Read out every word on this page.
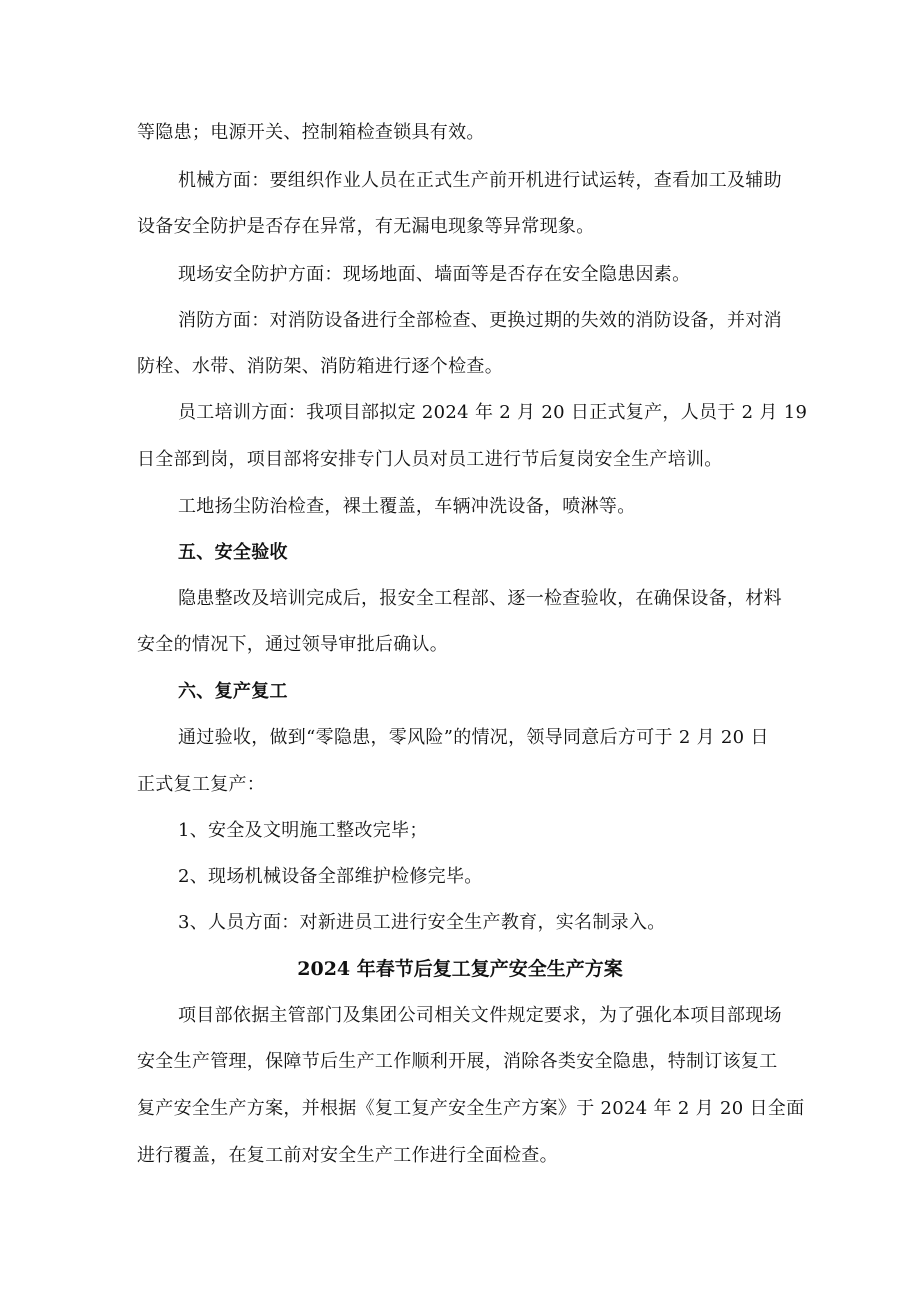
等隐患；电源开关、控制箱检查锁具有效。
机械方面：要组织作业人员在正式生产前开机进行试运转，查看加工及辅助
设备安全防护是否存在异常，有无漏电现象等异常现象。
现场安全防护方面：现场地面、墙面等是否存在安全隐患因素。
消防方面：对消防设备进行全部检查、更换过期的失效的消防设备，并对消
防栓、水带、消防架、消防箱进行逐个检查。
员工培训方面：我项目部拟定 2024 年 2 月 20 日正式复产，人员于 2 月 19
日全部到岗，项目部将安排专门人员对员工进行节后复岗安全生产培训。
工地扬尘防治检查，裸土覆盖，车辆冲洗设备，喷淋等。
五、安全验收
隐患整改及培训完成后，报安全工程部、逐一检查验收，在确保设备，材料
安全的情况下，通过领导审批后确认。
六、复产复工
通过验收，做到“零隐患，零风险”的情况，领导同意后方可于 2 月 20 日
正式复工复产：
1、安全及文明施工整改完毕；
2、现场机械设备全部维护检修完毕。
3、人员方面：对新进员工进行安全生产教育，实名制录入。
2024 年春节后复工复产安全生产方案
项目部依据主管部门及集团公司相关文件规定要求，为了强化本项目部现场
安全生产管理，保障节后生产工作顺利开展，消除各类安全隐患，特制订该复工
复产安全生产方案，并根据《复工复产安全生产方案》于 2024 年 2 月 20 日全面
进行覆盖，在复工前对安全生产工作进行全面检查。
